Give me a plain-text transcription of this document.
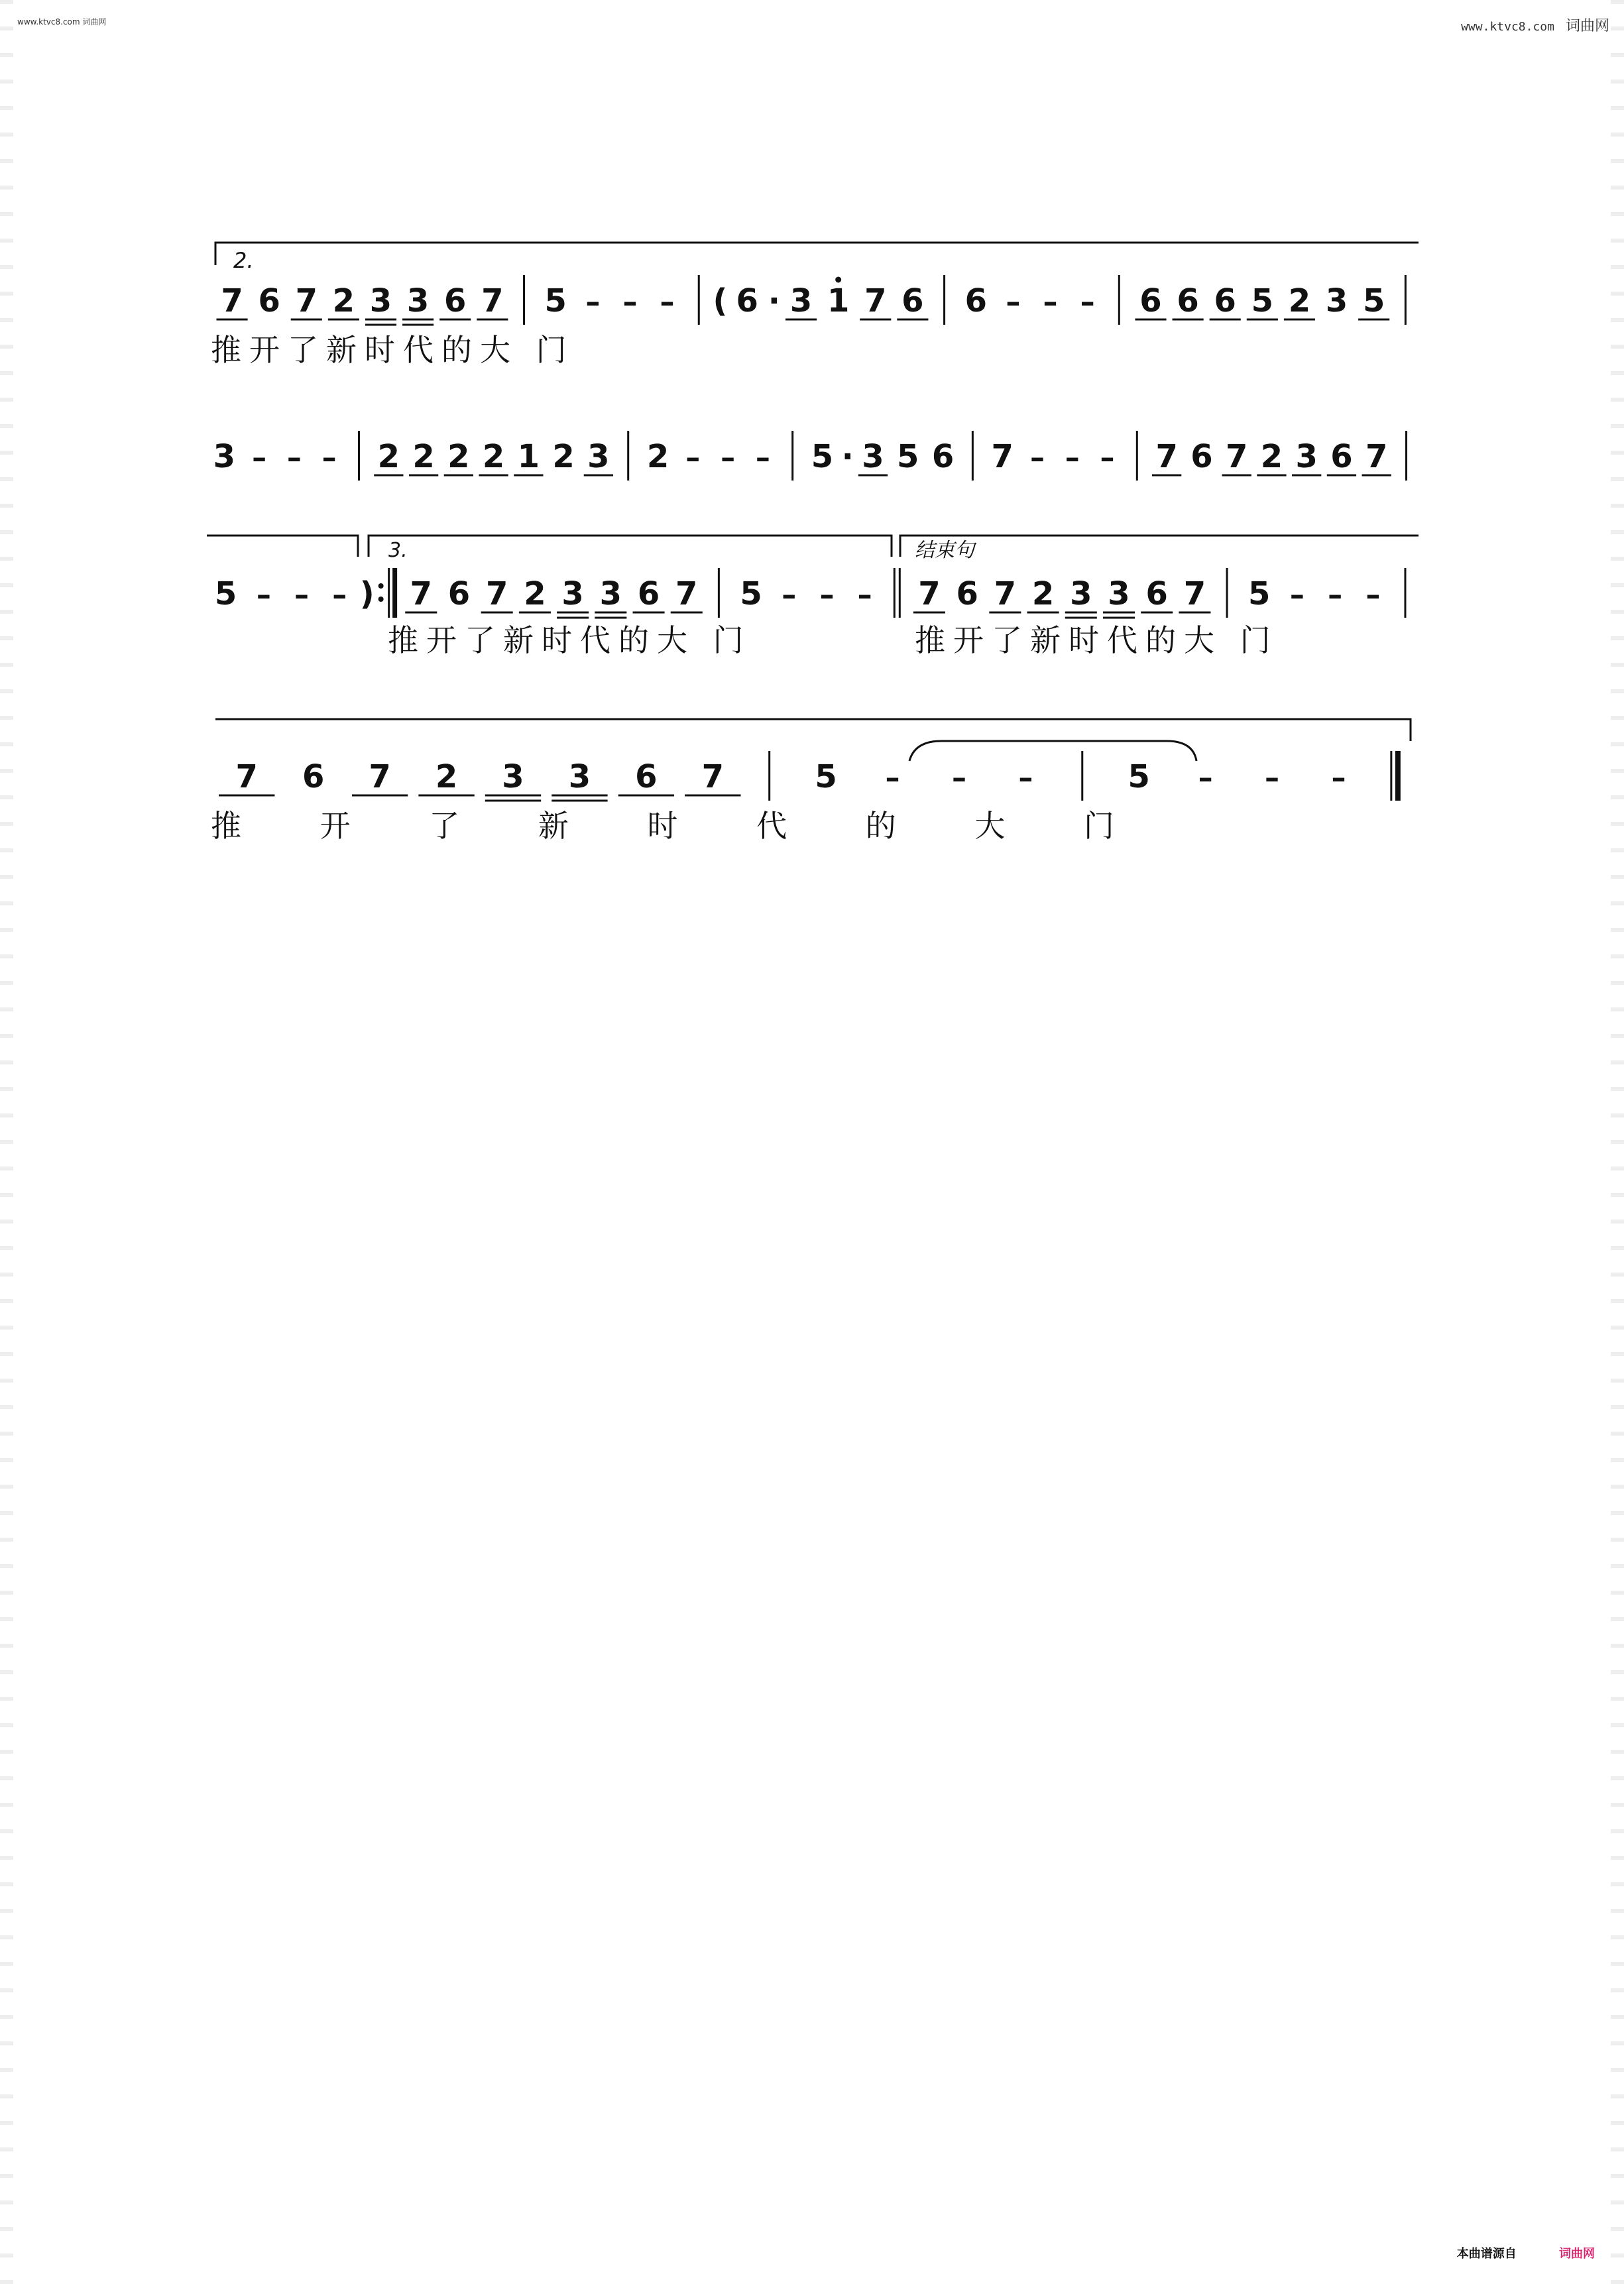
www.ktvc8.com 词曲网	www.ktvc8.com 词曲网
2.
7 6 7 2 3 3 6 7 5 – – – ( 6 · 3 1 7 6 6 – – – 6 6 6 5 2 3 5
推开了新时代的大 门
3 – – – 2 2 2 2 1 2 3 2 – – – 5 · 3 5 6 7 – – – 7 6 7 2 3 6 7
3.	结束句
5 – – – ) 7 6 7 2 3 3 6 7 5 – – – 7 6 7 2 3 3 6 7 5 – – –
推开了新时代的大 门	推开了新时代的大 门
7 6 7 2 3 3 6 7	5 – – –	5 – – –
推 开 了 新 时 代 的 大 门
本曲谱源自	词曲网
